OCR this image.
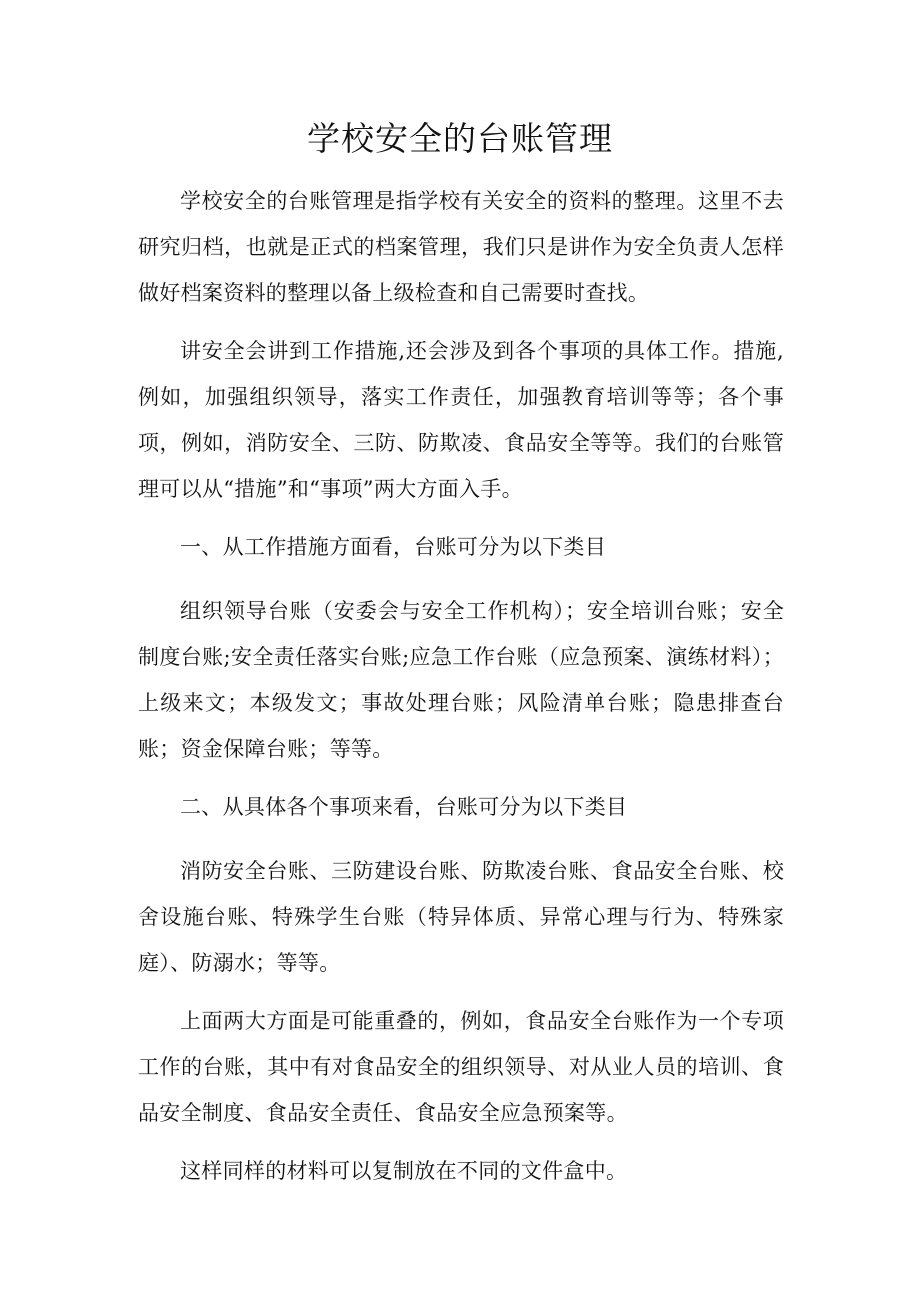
学校安全的台账管理

学校安全的台账管理是指学校有关安全的资料的整理。这里不去研究归档，也就是正式的档案管理，我们只是讲作为安全负责人怎样做好档案资料的整理以备上级检查和自己需要时查找。

讲安全会讲到工作措施,还会涉及到各个事项的具体工作。措施,例如，加强组织领导，落实工作责任，加强教育培训等等；各个事项，例如，消防安全、三防、防欺凌、食品安全等等。我们的台账管理可以从“措施”和“事项”两大方面入手。

一、从工作措施方面看，台账可分为以下类目

组织领导台账（安委会与安全工作机构）；安全培训台账；安全制度台账;安全责任落实台账;应急工作台账（应急预案、演练材料）；上级来文；本级发文；事故处理台账；风险清单台账；隐患排查台账；资金保障台账；等等。

二、从具体各个事项来看，台账可分为以下类目

消防安全台账、三防建设台账、防欺凌台账、食品安全台账、校舍设施台账、特殊学生台账（特异体质、异常心理与行为、特殊家庭）、防溺水；等等。

上面两大方面是可能重叠的，例如，食品安全台账作为一个专项工作的台账，其中有对食品安全的组织领导、对从业人员的培训、食品安全制度、食品安全责任、食品安全应急预案等。

这样同样的材料可以复制放在不同的文件盒中。
